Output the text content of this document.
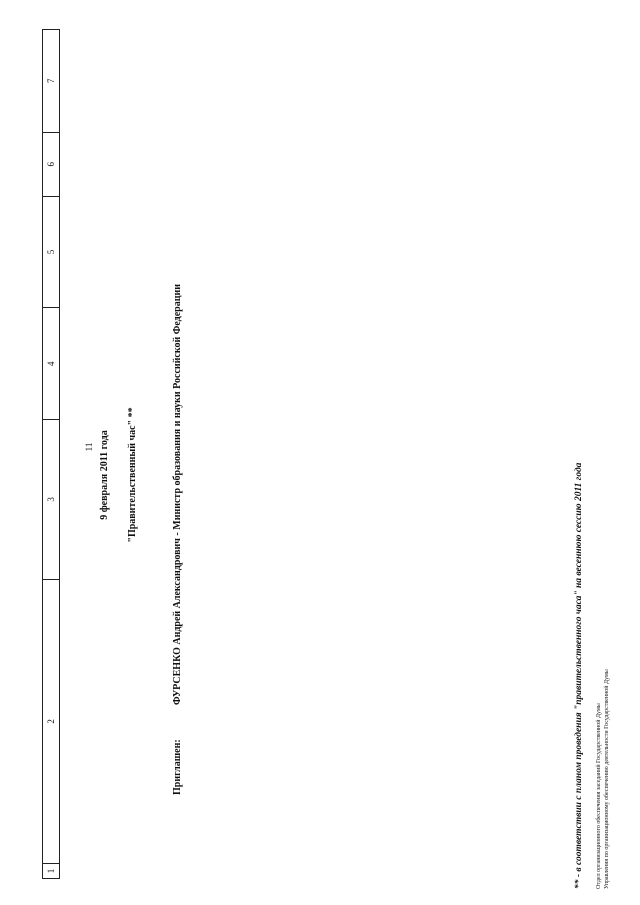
1
2
3
4
5
6
7
11 9 февраля 2011 года "Правительственный час" **
Приглашен:ФУРСЕНКО Андрей Александрович - Министр образования и науки Российской Федерации	** - в соответствии с планом проведения "правительственного часа" на весеннюю сессию 2011 года Отдел организационного обеспечения заседаний Государственной Думы Управления по организационному обеспечению деятельности Государственной Думы
